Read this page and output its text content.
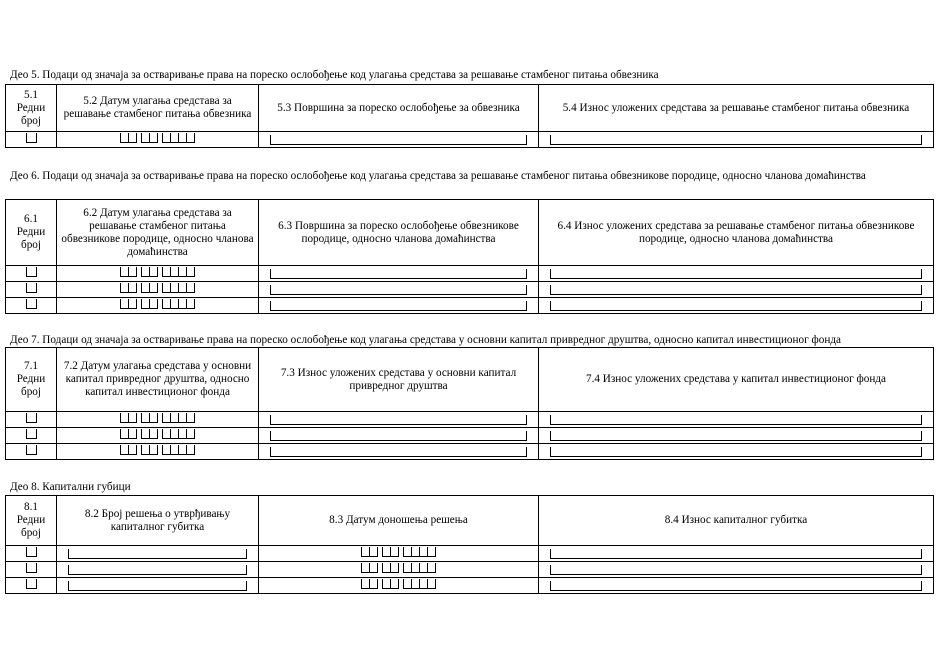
Део 5. Подаци од значаја за остваривање права на пореско ослобођење код улагања средстава за решавање стамбеног питања обвезника
5.1
Редни
број	5.2 Датум улагања средстава за решавање стамбеног питања обвезника	5.3 Површина за пореско ослобођење за обвезника	5.4 Износ уложених средстава за решавање стамбеног питања обвезника

Део 6. Подаци од значаја за остваривање права на пореско ослобођење код улагања средстава за решавање стамбеног питања обвезникове породице, односно чланова домаћинства
6.1
Редни
број	6.2 Датум улагања средстава за решавање стамбеног питања обвезникове породице, односно чланова домаћинства	6.3 Површина за пореско ослобођење обвезникове породице, односно чланова домаћинства	6.4 Износ уложених средстава за решавање стамбеног питања обвезникове породице, односно чланова домаћинства

Део 7. Подаци од значаја за остваривање права на пореско ослобођење код улагања средстава у основни капитал привредног друштва, односно капитал инвестиционог фонда
7.1
Редни
број	7.2 Датум улагања средстава у основни капитал привредног друштва, односно капитал инвестиционог фонда	7.3 Износ уложених средстава у основни капитал привредног друштва	7.4 Износ уложених средстава у капитал инвестиционог фонда

Део 8. Капитални губици
8.1
Редни
број	8.2 Број решења о утврђивању капиталног губитка	8.3 Датум доношења решења	8.4 Износ капиталног губитка
